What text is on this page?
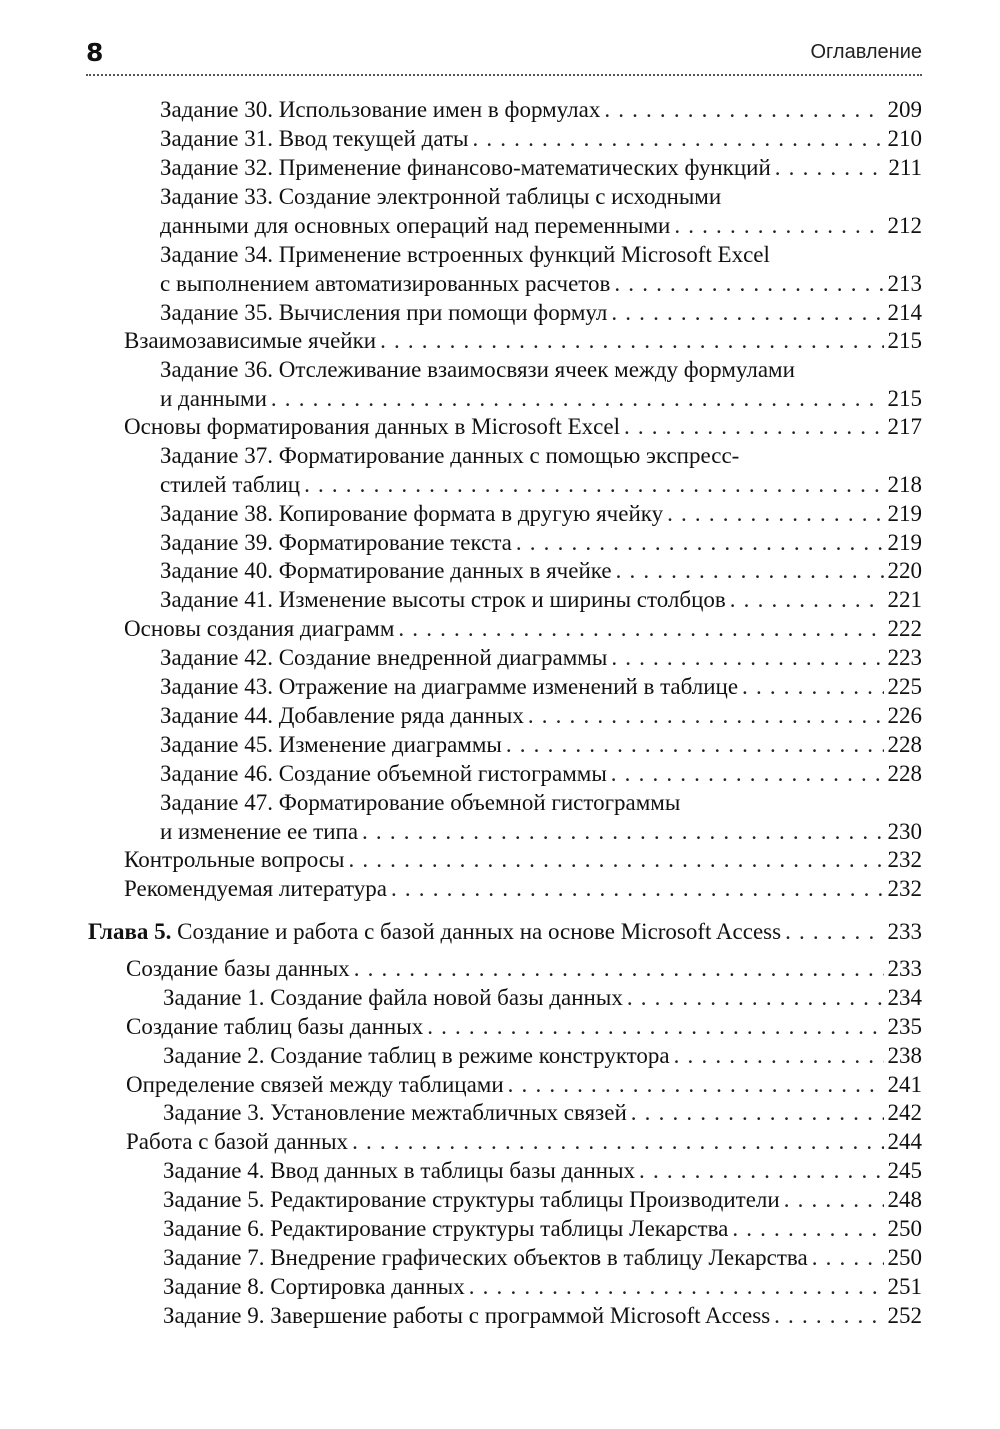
8	Оглавление
Задание 30. Использование имен в формулах . . .	209
Задание 31. Ввод текущей даты . . .	210
Задание 32. Применение финансово-математических функций . . .	211
Задание 33. Создание электронной таблицы с исходными
данными для основных операций над переменными . . .	212
Задание 34. Применение встроенных функций Microsoft Excel
с выполнением автоматизированных расчетов . . .	213
Задание 35. Вычисления при помощи формул . . .	214
Взаимозависимые ячейки . . .	215
Задание 36. Отслеживание взаимосвязи ячеек между формулами
и данными . . .	215
Основы форматирования данных в Microsoft Excel . . .	217
Задание 37. Форматирование данных с помощью экспресс-
стилей таблиц . . .	218
Задание 38. Копирование формата в другую ячейку . . .	219
Задание 39. Форматирование текста . . .	219
Задание 40. Форматирование данных в ячейке . . .	220
Задание 41. Изменение высоты строк и ширины столбцов . . .	221
Основы создания диаграмм . . .	222
Задание 42. Создание внедренной диаграммы . . .	223
Задание 43. Отражение на диаграмме изменений в таблице . . .	225
Задание 44. Добавление ряда данных . . .	226
Задание 45. Изменение диаграммы . . .	228
Задание 46. Создание объемной гистограммы . . .	228
Задание 47. Форматирование объемной гистограммы
и изменение ее типа . . .	230
Контрольные вопросы . . .	232
Рекомендуемая литература . . .	232
Глава 5. Создание и работа с базой данных на основе Microsoft Access . . .	233
Создание базы данных . . .	233
Задание 1. Создание файла новой базы данных . . .	234
Создание таблиц базы данных . . .	235
Задание 2. Создание таблиц в режиме конструктора . . .	238
Определение связей между таблицами . . .	241
Задание 3. Установление межтабличных связей . . .	242
Работа с базой данных . . .	244
Задание 4. Ввод данных в таблицы базы данных . . .	245
Задание 5. Редактирование структуры таблицы Производители . . .	248
Задание 6. Редактирование структуры таблицы Лекарства . . .	250
Задание 7. Внедрение графических объектов в таблицу Лекарства . . .	250
Задание 8. Сортировка данных . . .	251
Задание 9. Завершение работы с программой Microsoft Access . . .	252
